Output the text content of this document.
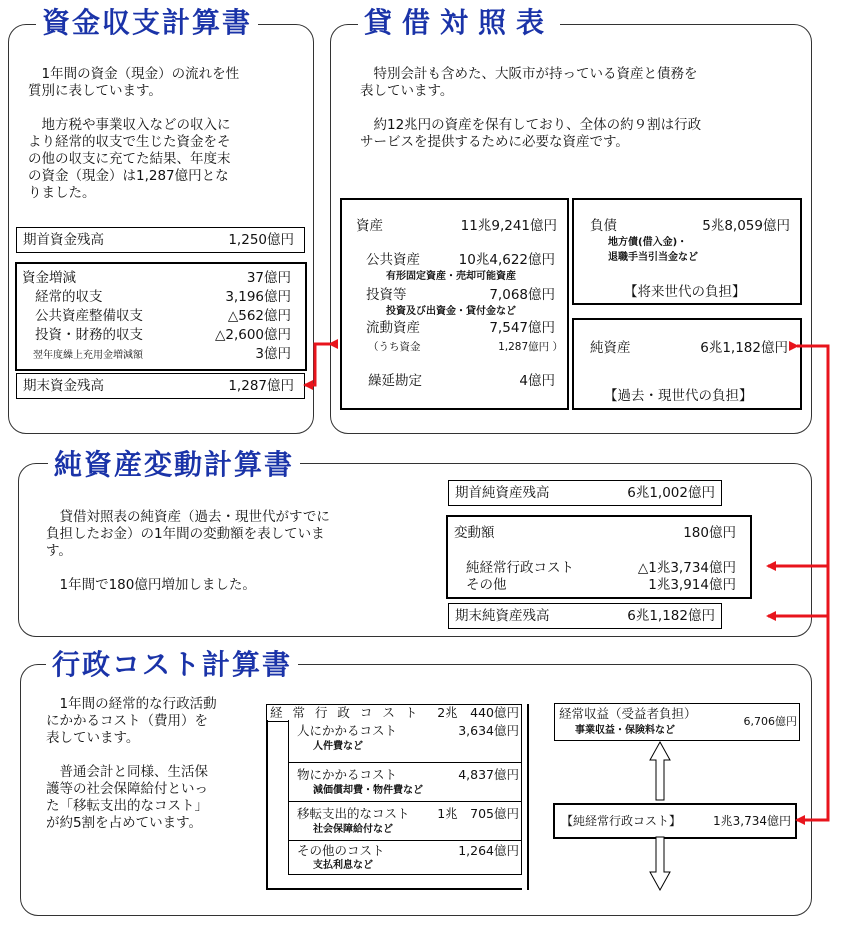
資金収支計算書
　1年間の資金（現金）の流れを性
質別に表しています。
　地方税や事業収入などの収入に
より経常的収支で生じた資金をそ
の他の収支に充てた結果、年度末
の資金（現金）は1,287億円とな
りました。
期首資金残高	1,250億円
資金増減	37億円
経常的収支	3,196億円
公共資産整備収支	△562億円
投資・財務的収支	△2,600億円
翌年度繰上充用金増減額	3億円
期末資金残高	1,287億円
貸借対照表
　特別会計も含めた、大阪市が持っている資産と債務を
表しています。
　約12兆円の資産を保有しており、全体の約９割は行政
サービスを提供するために必要な資産です。
資産	11兆9,241億円
公共資産	10兆4,622億円
有形固定資産・売却可能資産
投資等	7,068億円
投資及び出資金・貸付金など
流動資産	7,547億円
（うち資金	1,287億円 ）
繰延勘定	4億円
負債	5兆8,059億円
地方債(借入金)・
退職手当引当金など
【将来世代の負担】
純資産	6兆1,182億円
【過去・現世代の負担】
純資産変動計算書
　貸借対照表の純資産（過去・現世代がすでに
負担したお金）の1年間の変動額を表していま
す。
　1年間で180億円増加しました。
期首純資産残高	6兆1,002億円
変動額	180億円
純経常行政コスト	△1兆3,734億円
その他	1兆3,914億円
期末純資産残高	6兆1,182億円
行政コスト計算書
　1年間の経常的な行政活動
にかかるコスト（費用）を
表しています。
　普通会計と同様、生活保
護等の社会保障給付といっ
た「移転支出的なコスト」
が約5割を占めています。
経 常 行 政 コ ス ト 2兆　440億円
人にかかるコスト	3,634億円
人件費など
物にかかるコスト	4,837億円
減価償却費・物件費など
移転支出的なコスト 1兆　705億円
社会保障給付など
その他のコスト	1,264億円
支払利息など
経常収益（受益者負担）
6,706億円
事業収益・保険料など
【純経常行政コスト】	1兆3,734億円
